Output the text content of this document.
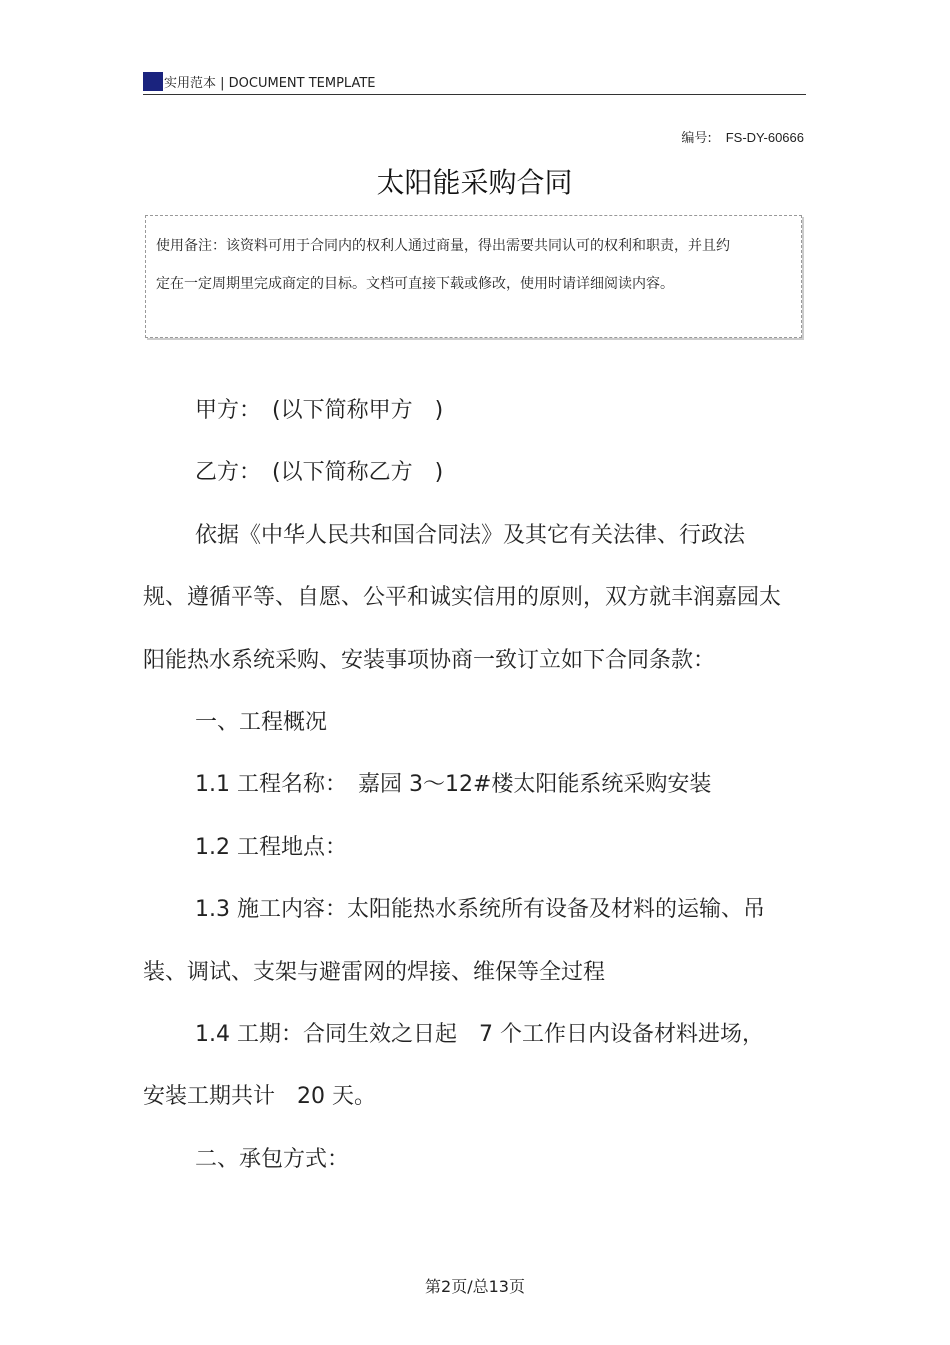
实用范本 | DOCUMENT TEMPLATE
编号: FS-DY-60666
太阳能采购合同

使用备注：该资料可用于合同内的权利人通过商量，得出需要共同认可的权利和职责，并且约定在一定周期里完成商定的目标。文档可直接下载或修改，使用时请详细阅读内容。

甲方：　(以下简称甲方　)

乙方：　(以下简称乙方　)

依据《中华人民共和国合同法》及其它有关法律、行政法规、遵循平等、自愿、公平和诚实信用的原则，双方就丰润嘉园太阳能热水系统采购、安装事项协商一致订立如下合同条款：

一、工程概况

1.1 工程名称：　嘉园 3～12#楼太阳能系统采购安装

1.2 工程地点：

1.3 施工内容：太阳能热水系统所有设备及材料的运输、吊装、调试、支架与避雷网的焊接、维保等全过程

1.4 工期：合同生效之日起　7 个工作日内设备材料进场，安装工期共计　20 天。

二、承包方式：

第2页/总13页
